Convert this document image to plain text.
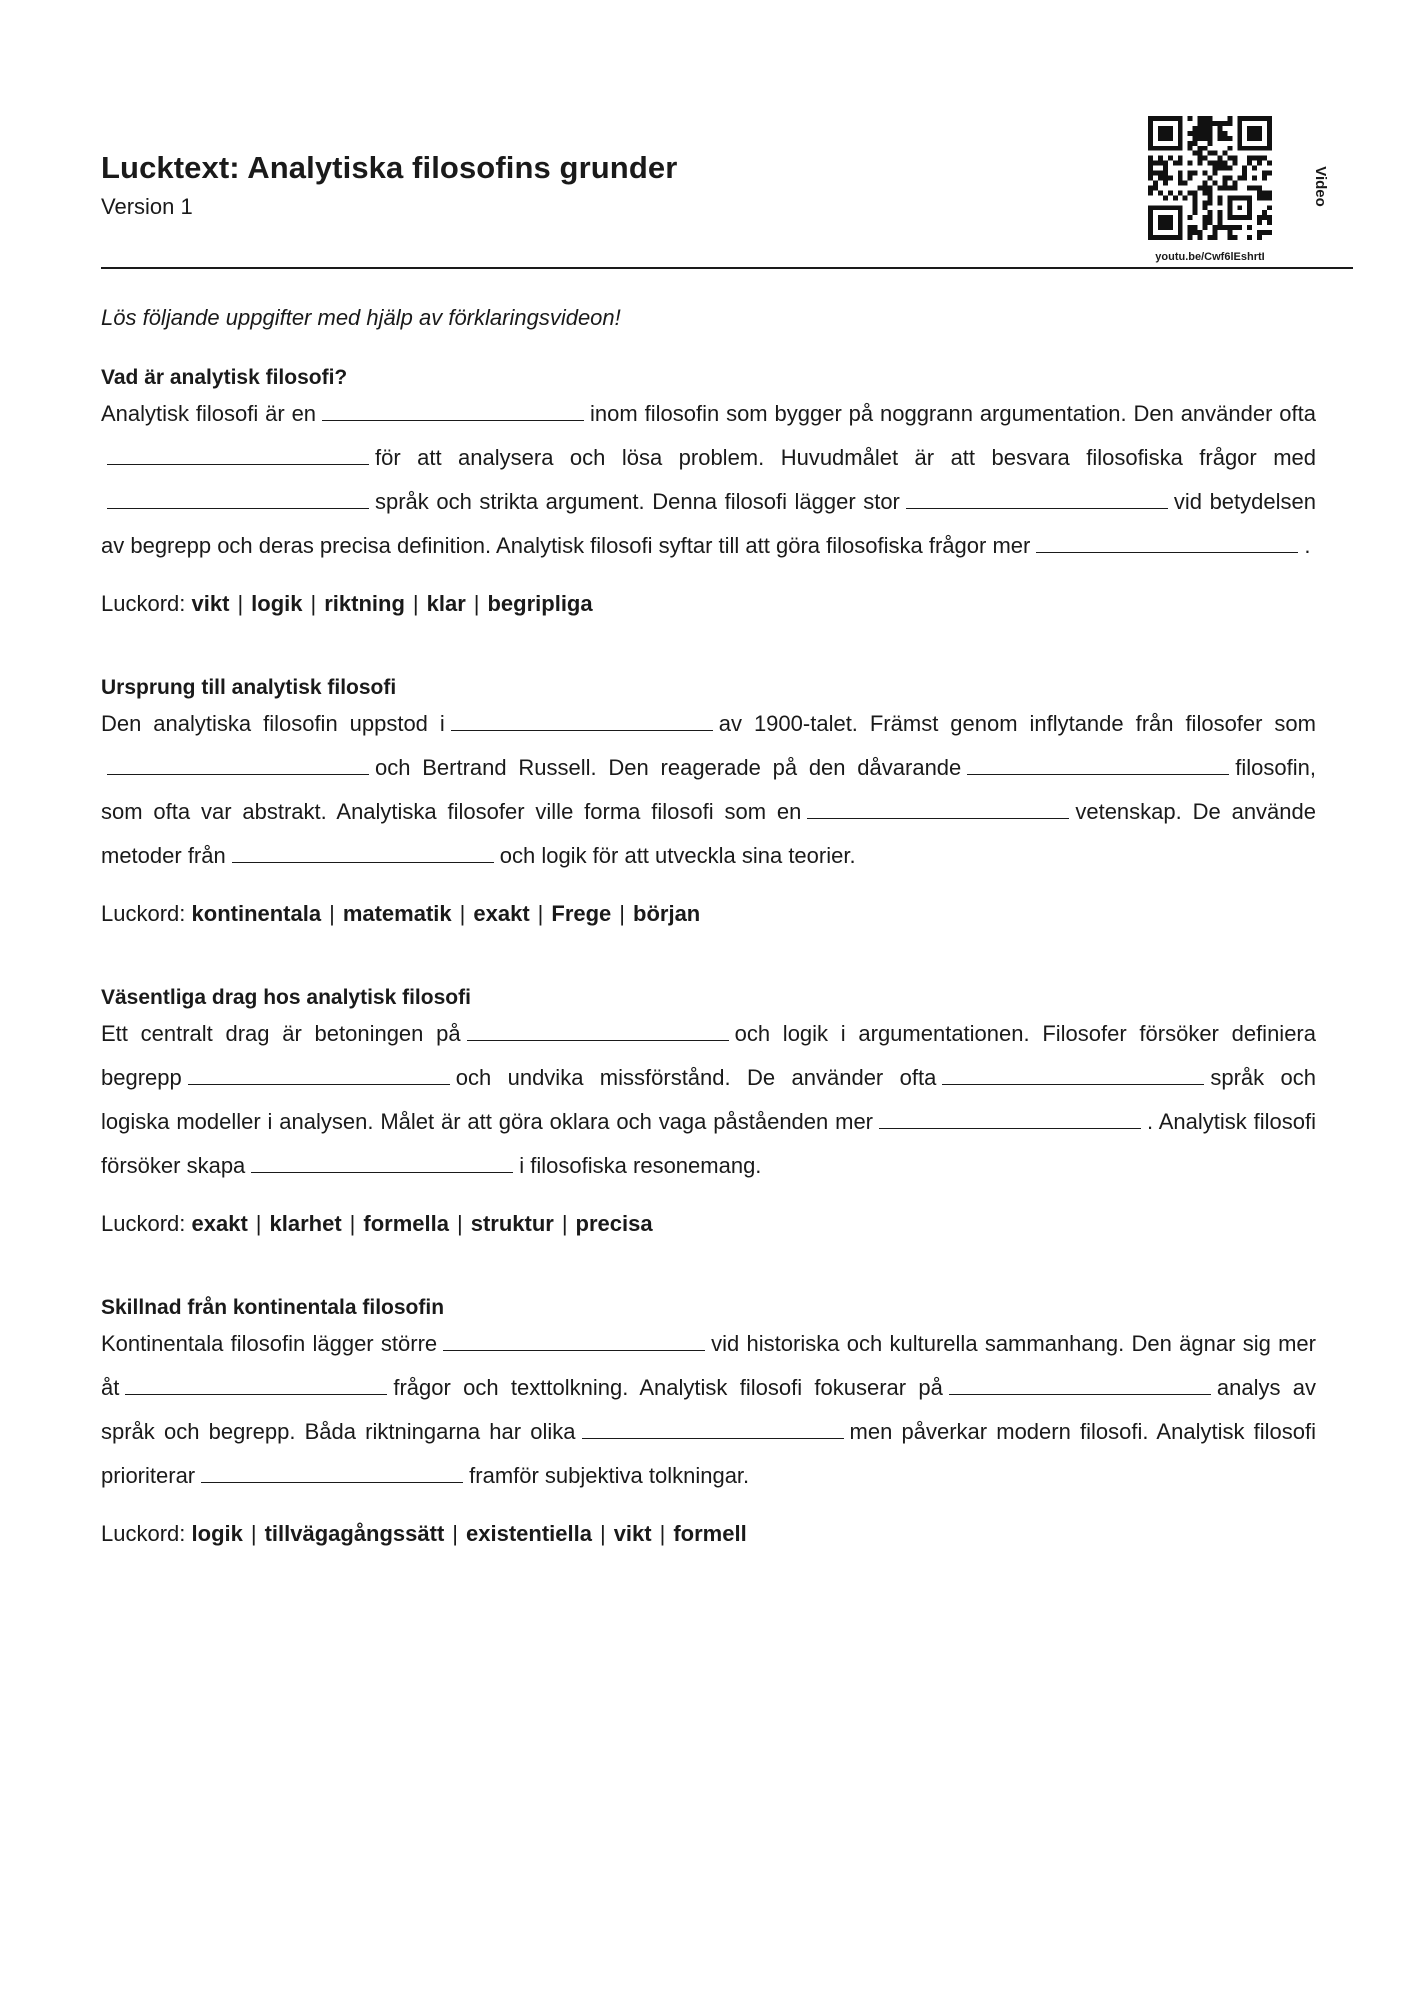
Lucktext: Analytiska filosofins grunder
Version 1
youtu.be/Cwf6lEshrtI
Video

Lös följande uppgifter med hjälp av förklaringsvideon!

Vad är analytisk filosofi?

Analytisk filosofi är en	inom filosofin som bygger på noggrann argumentation. Den använder oftaför att analysera och lösa problem. Huvudmålet är att besvara filosofiska frågor medspråk och strikta argument. Denna filosofi lägger stor	vid betydelsen av begrepp och deras precisa definition. Analytisk filosofi syftar till att göra filosofiska frågor mer	.

Luckord: vikt | logik | riktning | klar | begripliga
Ursprung till analytisk filosofi

Den analytiska filosofin uppstod i	av 1900-talet. Främst genom inflytande från filosofer somoch Bertrand Russell. Den reagerade på den dåvarande	filosofin, som ofta var abstrakt. Analytiska filosofer ville forma filosofi som en	vetenskap. De använde metoder från	och logik för att utveckla sina teorier.

Luckord: kontinentala | matematik | exakt | Frege | början
Väsentliga drag hos analytisk filosofi

Ett centralt drag är betoningen på	och logik i argumentationen. Filosofer försöker definiera begrepp	och undvika missförstånd. De använder ofta	språk och logiska modeller i analysen. Målet är att göra oklara och vaga påståenden mer	. Analytisk filosofi försöker skapa	i filosofiska resonemang.

Luckord: exakt | klarhet | formella | struktur | precisa
Skillnad från kontinentala filosofin

Kontinentala filosofin lägger större	vid historiska och kulturella sammanhang. Den ägnar sig mer åt	frågor och texttolkning. Analytisk filosofi fokuserar på	analys av språk och begrepp. Båda riktningarna har olika	men påverkar modern filosofi. Analytisk filosofi prioriterar	framför subjektiva tolkningar.

Luckord: logik | tillvägagångssätt | existentiella | vikt | formell
